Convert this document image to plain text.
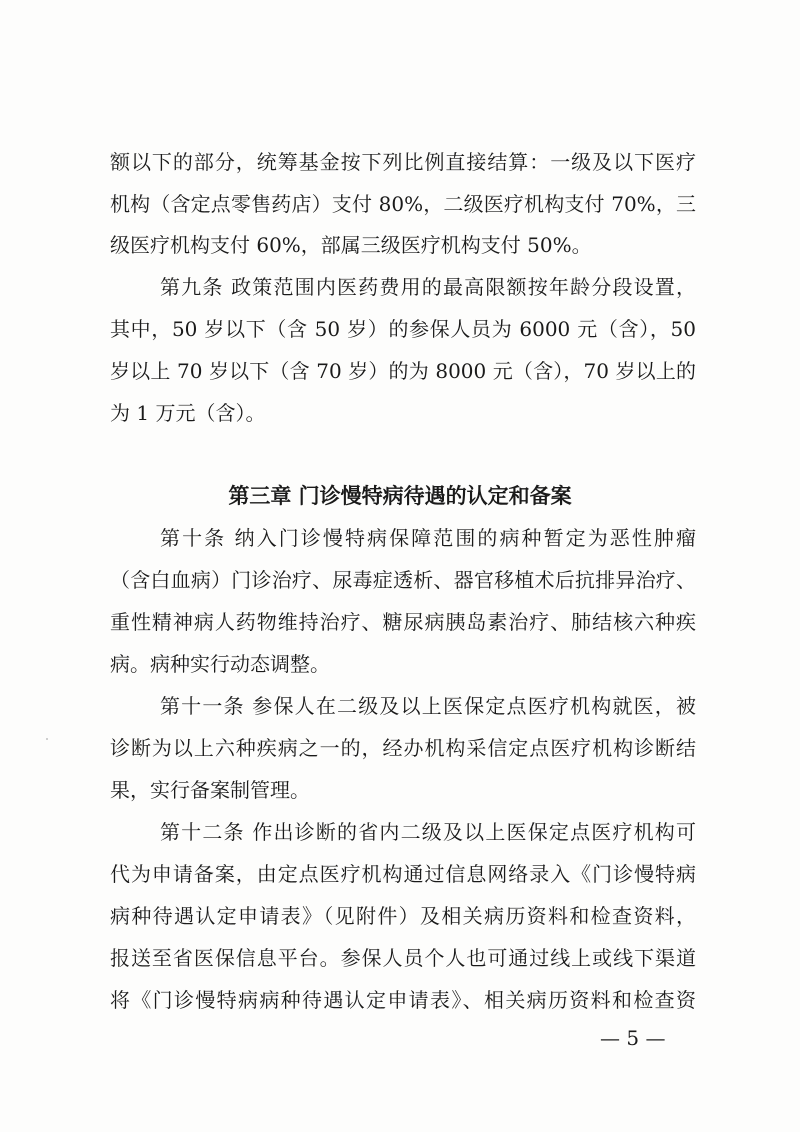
额以下的部分，统筹基金按下列比例直接结算：一级及以下医疗
机构（含定点零售药店）支付 80%，二级医疗机构支付 70%，三
级医疗机构支付 60%，部属三级医疗机构支付 50%。
第九条 政策范围内医药费用的最高限额按年龄分段设置，
其中，50 岁以下（含 50 岁）的参保人员为 6000 元（含），50
岁以上 70 岁以下（含 70 岁）的为 8000 元（含），70 岁以上的
为 1 万元（含）。
第三章 门诊慢特病待遇的认定和备案
第十条 纳入门诊慢特病保障范围的病种暂定为恶性肿瘤
（含白血病）门诊治疗、尿毒症透析、器官移植术后抗排异治疗、
重性精神病人药物维持治疗、糖尿病胰岛素治疗、肺结核六种疾
病。病种实行动态调整。
第十一条 参保人在二级及以上医保定点医疗机构就医，被
诊断为以上六种疾病之一的，经办机构采信定点医疗机构诊断结
果，实行备案制管理。
第十二条 作出诊断的省内二级及以上医保定点医疗机构可
代为申请备案，由定点医疗机构通过信息网络录入《门诊慢特病
病种待遇认定申请表》（见附件）及相关病历资料和检查资料，
报送至省医保信息平台。参保人员个人也可通过线上或线下渠道
将《门诊慢特病病种待遇认定申请表》、相关病历资料和检查资
— 5 —
